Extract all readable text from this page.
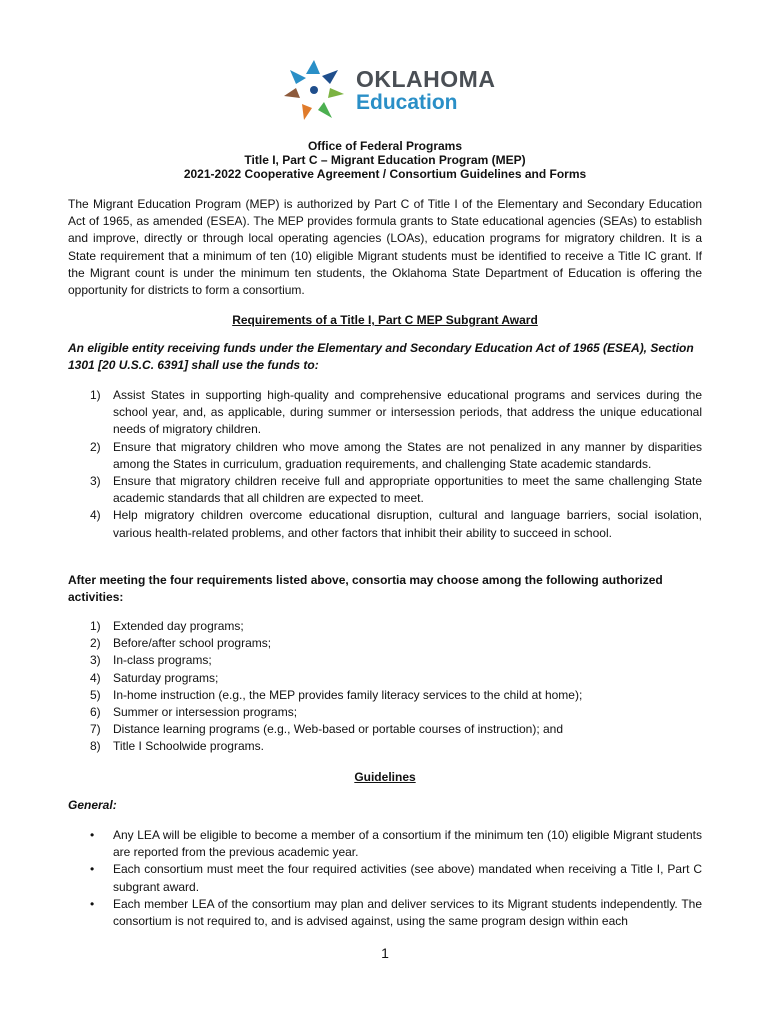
OKLAHOMA
Education
Office of Federal Programs
Title I, Part C – Migrant Education Program (MEP)
2021-2022 Cooperative Agreement / Consortium Guidelines and Forms

The Migrant Education Program (MEP) is authorized by Part C of Title I of the Elementary and Secondary Education Act of 1965, as amended (ESEA). The MEP provides formula grants to State educational agencies (SEAs) to establish and improve, directly or through local operating agencies (LOAs), education programs for migratory children. It is a State requirement that a minimum of ten (10) eligible Migrant students must be identified to receive a Title IC grant. If the Migrant count is under the minimum ten students, the Oklahoma State Department of Education is offering the opportunity for districts to form a consortium.

Requirements of a Title I, Part C MEP Subgrant Award
An eligible entity receiving funds under the Elementary and Secondary Education Act of 1965 (ESEA), Section 1301 [20 U.S.C. 6391] shall use the funds to:
1) Assist States in supporting high-quality and comprehensive educational programs and services during the school year, and, as applicable, during summer or intersession periods, that address the unique educational needs of migratory children.
2) Ensure that migratory children who move among the States are not penalized in any manner by disparities among the States in curriculum, graduation requirements, and challenging State academic standards.
3) Ensure that migratory children receive full and appropriate opportunities to meet the same challenging State academic standards that all children are expected to meet.
4) Help migratory children overcome educational disruption, cultural and language barriers, social isolation, various health-related problems, and other factors that inhibit their ability to succeed in school.
After meeting the four requirements listed above, consortia may choose among the following authorized activities:
1) Extended day programs;
2) Before/after school programs;
3) In-class programs;
4) Saturday programs;
5) In-home instruction (e.g., the MEP provides family literacy services to the child at home);
6) Summer or intersession programs;
7) Distance learning programs (e.g., Web-based or portable courses of instruction); and
8) Title I Schoolwide programs.
Guidelines
General:
• Any LEA will be eligible to become a member of a consortium if the minimum ten (10) eligible Migrant students are reported from the previous academic year.
• Each consortium must meet the four required activities (see above) mandated when receiving a Title I, Part C subgrant award.
• Each member LEA of the consortium may plan and deliver services to its Migrant students independently. The consortium is not required to, and is advised against, using the same program design within each
1
